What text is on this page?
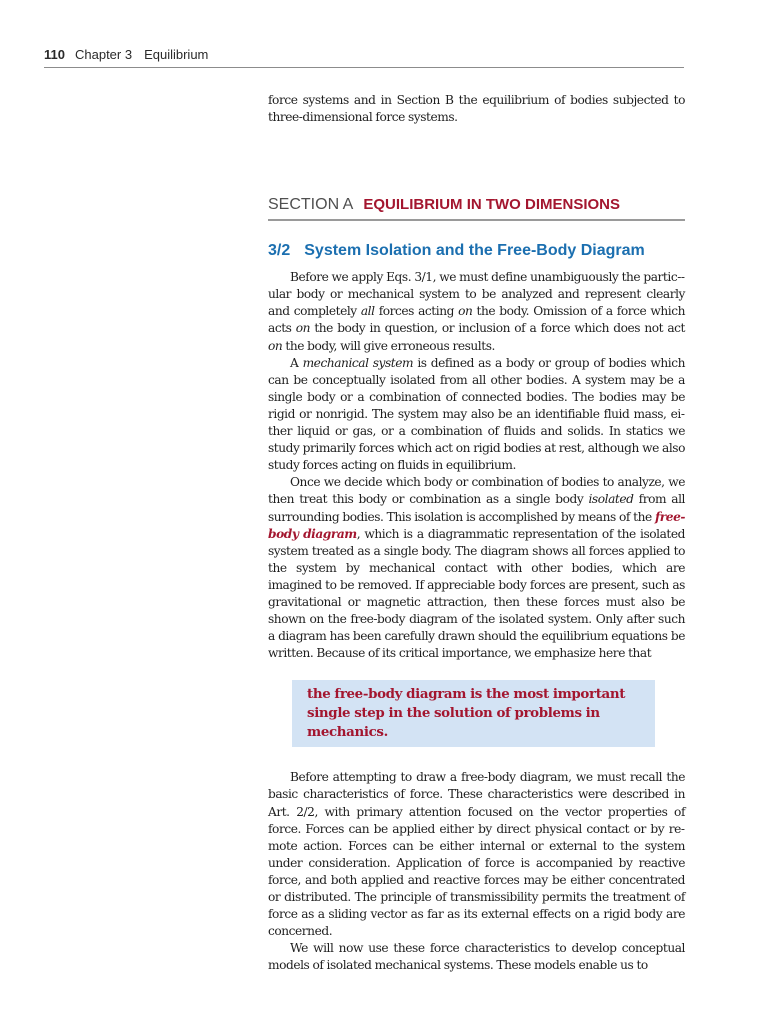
110 Chapter 3 Equilibrium

force systems and in Section B the equilibrium of bodies subjected to three-dimensional force systems.

SECTION A EQUILIBRIUM IN TWO DIMENSIONS
3/2 System Isolation and the Free-Body Diagram

Before we apply Eqs. 3/1, we must define unambiguously the partic-ular body or mechanical system to be analyzed and represent clearly and completely all forces acting on the body. Omission of a force which acts on the body in question, or inclusion of a force which does not act on the body, will give erroneous results.

A mechanical system is defined as a body or group of bodies which can be conceptually isolated from all other bodies. A system may be a single body or a combination of connected bodies. The bodies may be rigid or nonrigid. The system may also be an identifiable fluid mass, either liquid or gas, or a combination of fluids and solids. In statics we study primarily forces which act on rigid bodies at rest, although we also study forces acting on fluids in equilibrium.

Once we decide which body or combination of bodies to analyze, we then treat this body or combination as a single body isolated from all surrounding bodies. This isolation is accomplished by means of the free-body diagram, which is a diagrammatic representation of the isolated system treated as a single body. The diagram shows all forces applied to the system by mechanical contact with other bodies, which are imagined to be removed. If appreciable body forces are present, such as gravitational or magnetic attraction, then these forces must also be shown on the free-body diagram of the isolated system. Only after such a diagram has been carefully drawn should the equilibrium equations be written. Because of its critical importance, we emphasize here that

the free-body diagram is the most important single step in the solution of problems in mechanics.

Before attempting to draw a free-body diagram, we must recall the basic characteristics of force. These characteristics were described in Art. 2/2, with primary attention focused on the vector properties of force. Forces can be applied either by direct physical contact or by remote action. Forces can be either internal or external to the system under consideration. Application of force is accompanied by reactive force, and both applied and reactive forces may be either concentrated or distributed. The principle of transmissibility permits the treatment of force as a sliding vector as far as its external effects on a rigid body are concerned.

We will now use these force characteristics to develop conceptual models of isolated mechanical systems. These models enable us to
